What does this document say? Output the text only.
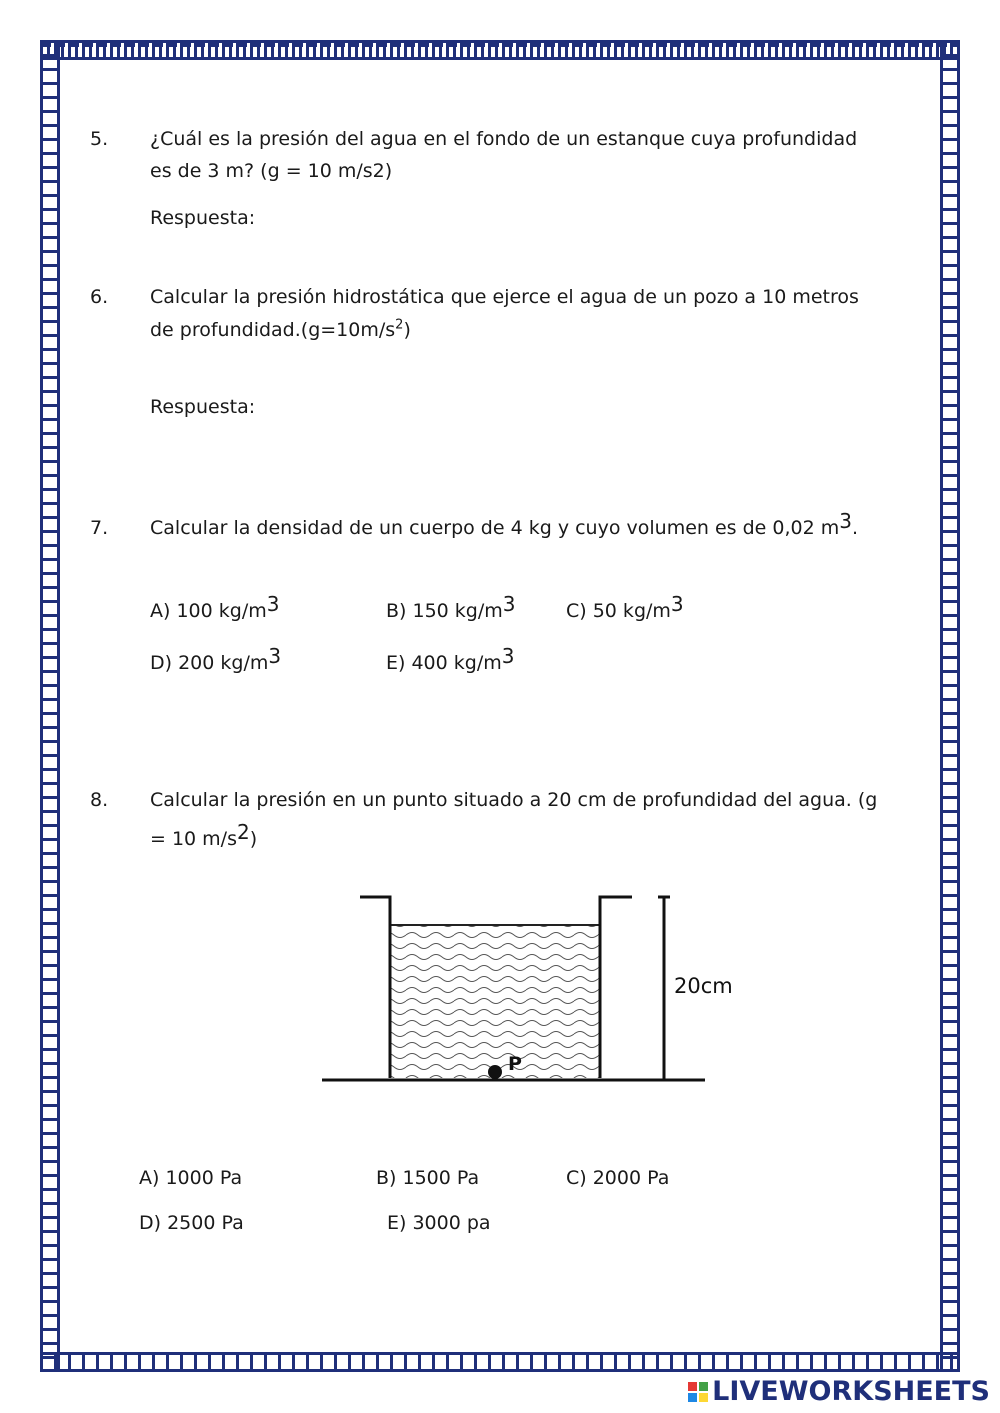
5. ¿Cuál es la presión del agua en el fondo de un estanque cuya profundidad
es de 3 m? (g = 10 m/s2)
Respuesta:
6. Calcular la presión hidrostática que ejerce el agua de un pozo a 10 metros
de $profundidad.(g=10m/s^2)$
Respuesta:
7. Calcular la densidad de un cuerpo de 4 kg y cuyo volumen es de 0,02 m3.
A) 100 kg/m3	B) 150 kg/m3	C) 50 kg/m3
D) 200 kg/m3	E) 400 kg/m3
8. Calcular la presión en un punto situado a 20 cm de profundidad del agua. (g
= 10 m/s2)
20cm
P
A) 1000 Pa	B) 1500 Pa	C) 2000 Pa
D) 2500 Pa	E) 3000 pa
LIVEWORKSHEETS
